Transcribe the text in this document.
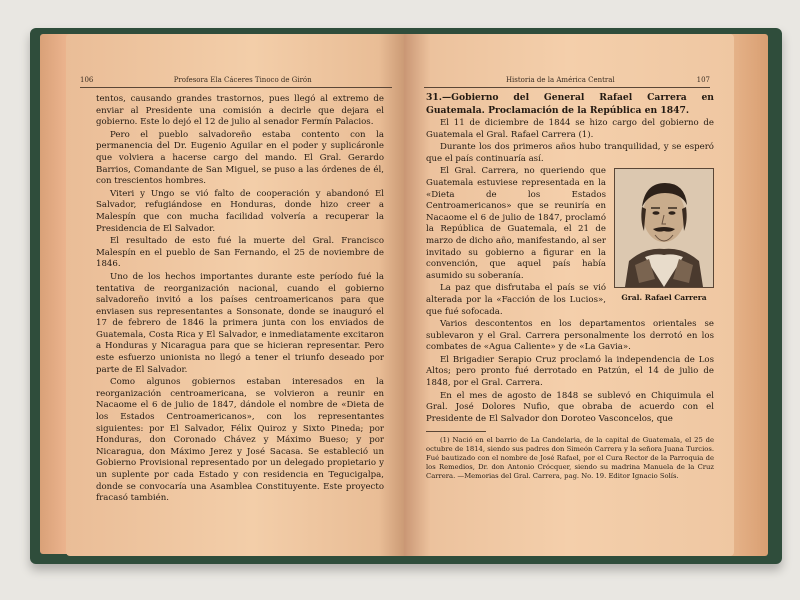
106	Profesora Ela Cáceres Tinoco de Girón

tentos, causando grandes trastornos, pues llegó al extremo de enviar al Presidente una comisión a decirle que dejara el gobierno. Este lo dejó el 12 de julio al senador Fermín Palacios.

Pero el pueblo salvadoreño estaba contento con la permanencia del Dr. Eugenio Aguilar en el poder y suplicáronle que volviera a hacerse cargo del mando. El Gral. Gerardo Barrios, Comandante de San Miguel, se puso a las órdenes de él, con trescientos hombres.

Viteri y Ungo se vió falto de cooperación y abandonó El Salvador, refugiándose en Honduras, donde hizo creer a Malespín que con mucha facilidad volvería a recuperar la Presidencia de El Salvador.

El resultado de esto fué la muerte del Gral. Francisco Malespín en el pueblo de San Fernando, el 25 de noviembre de 1846.

Uno de los hechos importantes durante este período fué la tentativa de reorganización nacional, cuando el gobierno salvadoreño invitó a los países centroamericanos para que enviasen sus representantes a Sonsonate, donde se inauguró el 17 de febrero de 1846 la primera junta con los enviados de Guatemala, Costa Rica y El Salvador, e inmediatamente excitaron a Honduras y Nicaragua para que se hicieran representar. Pero este esfuerzo unionista no llegó a tener el triunfo deseado por parte de El Salvador.

Como algunos gobiernos estaban interesados en la reorganización centroamericana, se volvieron a reunir en Nacaome el 6 de julio de 1847, dándole el nombre de «Dieta de los Estados Centroamericanos», con los representantes siguientes: por El Salvador, Félix Quiroz y Sixto Pineda; por Honduras, don Coronado Chávez y Máximo Bueso; y por Nicaragua, don Máximo Jerez y José Sacasa. Se estableció un Gobierno Provisional representado por un delegado propietario y un suplente por cada Estado y con residencia en Tegucigalpa, donde se convocaría una Asamblea Constituyente. Este proyecto fracasó también.

Historia de la América Central	107

31.—Gobierno del General Rafael Carrera en Guatemala. Proclamación de la República en 1847.

El 11 de diciembre de 1844 se hizo cargo del gobierno de Guatemala el Gral. Rafael Carrera (1).

Durante los dos primeros años hubo tranquilidad, y se esperó que el país continuaría así.

Gral. Rafael Carrera

El Gral. Carrera, no queriendo que Guatemala estuviese representada en la «Dieta de los Estados Centroamericanos» que se reuniría en Nacaome el 6 de julio de 1847, proclamó la República de Guatemala, el 21 de marzo de dicho año, manifestando, al ser invitado su gobierno a figurar en la convención, que aquel país había asumido su soberanía.

La paz que disfrutaba el país se vió alterada por la «Facción de los Lucios», que fué sofocada.

Varios descontentos en los departamentos orientales se sublevaron y el Gral. Carrera personalmente los derrotó en los combates de «Agua Caliente» y de «La Gavia».

El Brigadier Serapio Cruz proclamó la independencia de Los Altos; pero pronto fué derrotado en Patzún, el 14 de julio de 1848, por el Gral. Carrera.

En el mes de agosto de 1848 se sublevó en Chiquimula el Gral. José Dolores Nufio, que obraba de acuerdo con el Presidente de El Salvador don Doroteo Vasconcelos, que

(1) Nació en el barrio de La Candelaria, de la capital de Guatemala, el 25 de octubre de 1814, siendo sus padres don Simeón Carrera y la señora Juana Turcios. Fué bautizado con el nombre de José Rafael, por el Cura Rector de la Parroquia de los Remedios, Dr. don Antonio Crócquer, siendo su madrina Manuela de la Cruz Carrera. —Memorias del Gral. Carrera, pag. No. 19. Editor Ignacio Solís.
